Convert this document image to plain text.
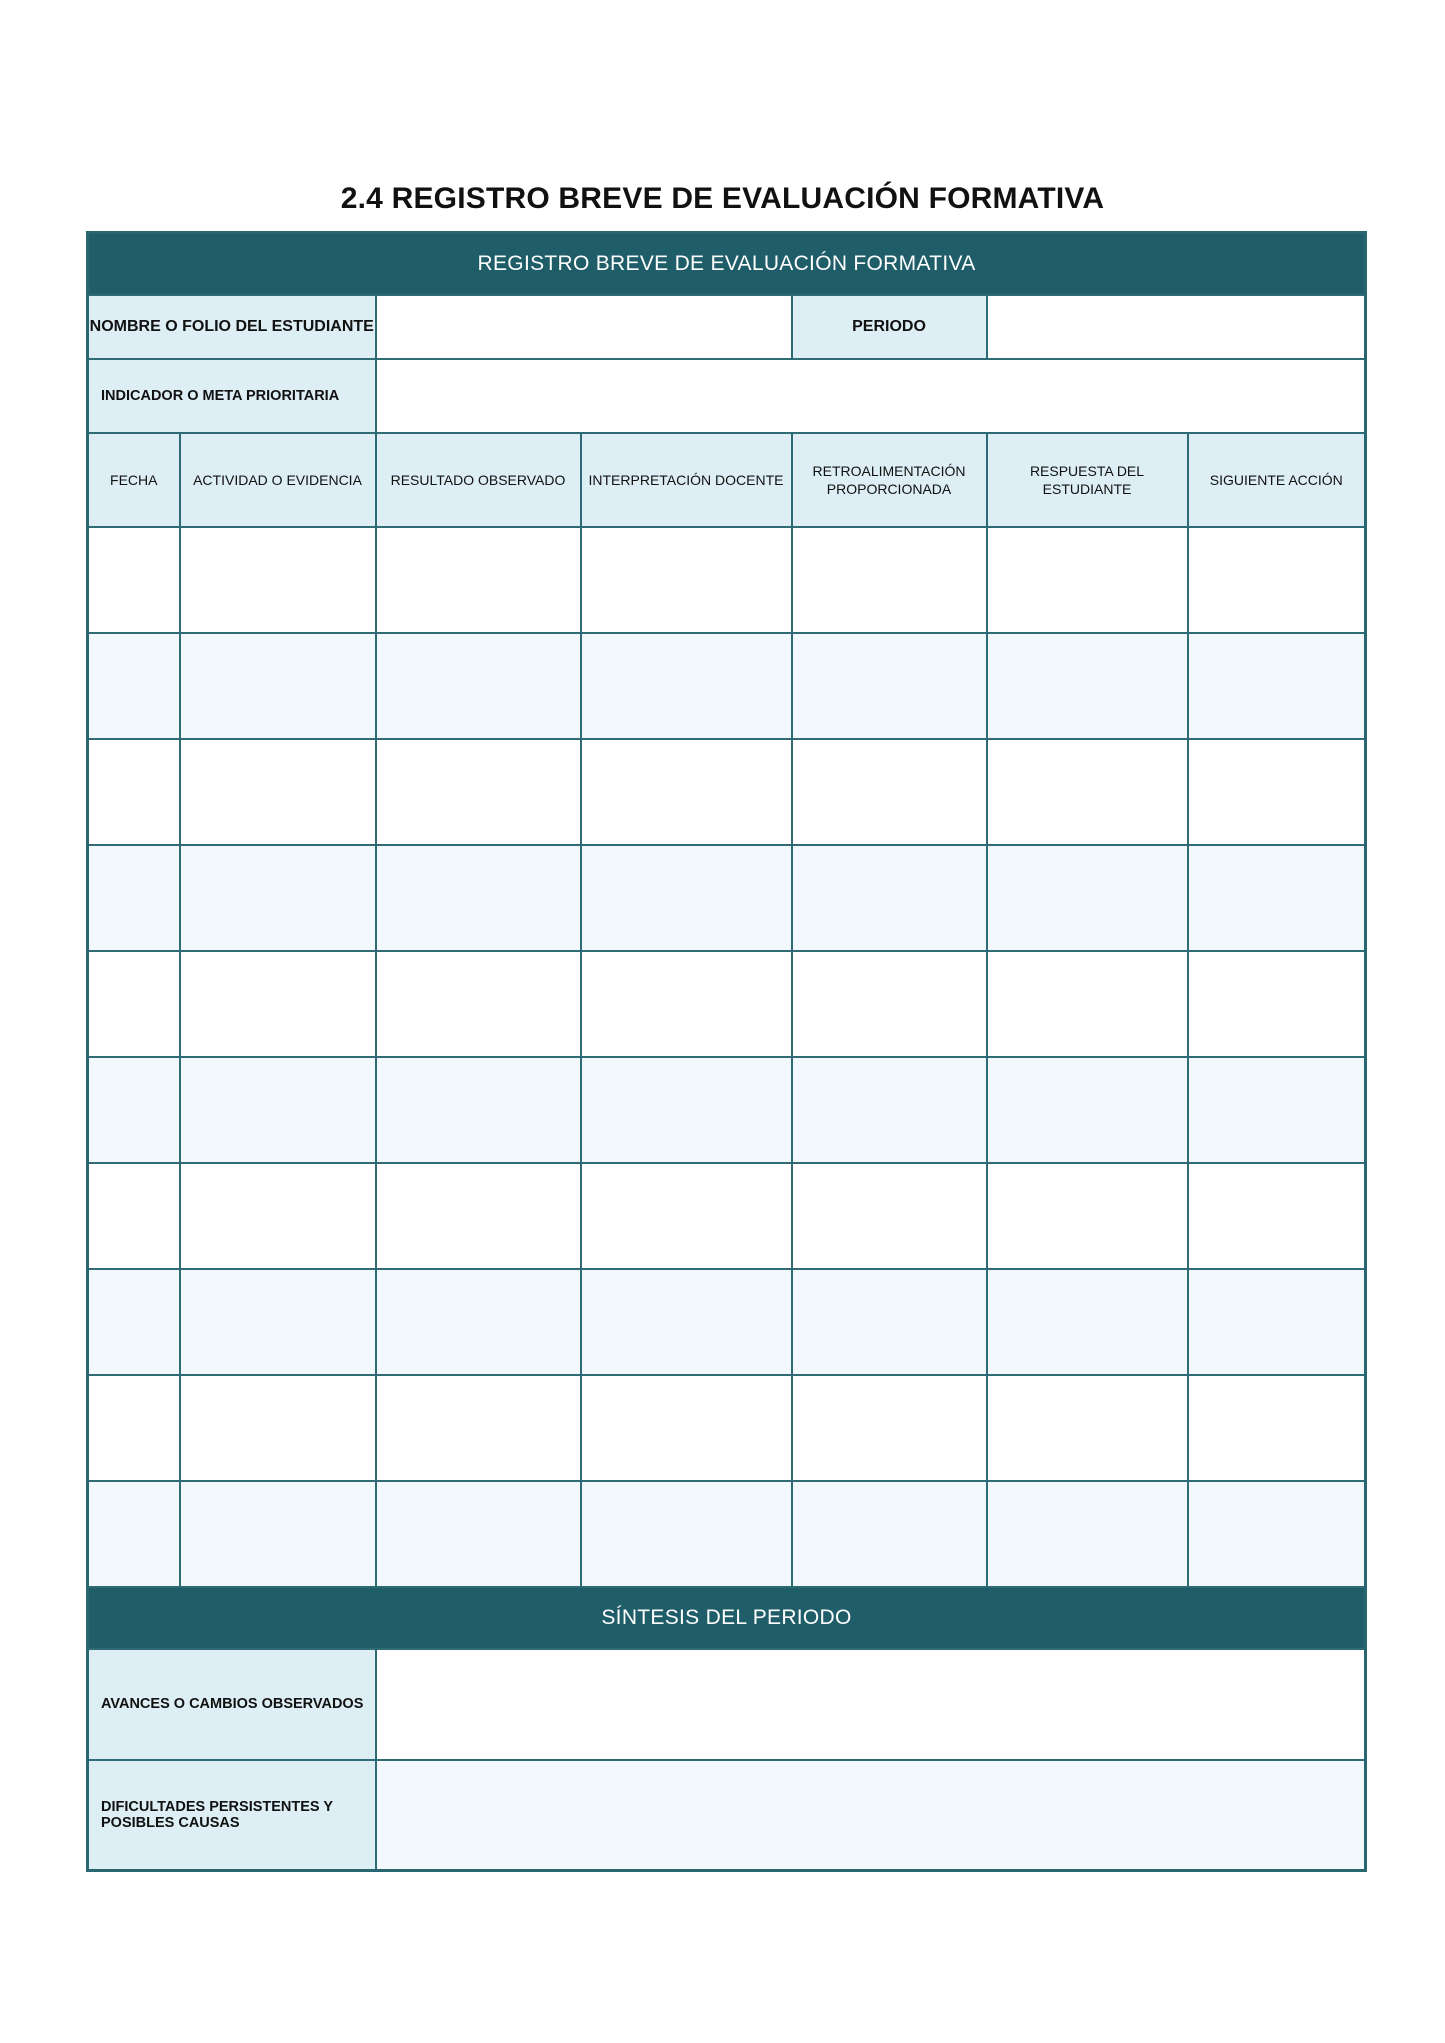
2.4 REGISTRO BREVE DE EVALUACIÓN FORMATIVA
REGISTRO BREVE DE EVALUACIÓN FORMATIVA						
NOMBRE O FOLIO DEL ESTUDIANTE				PERIODO		
INDICADOR O META PRIORITARIA						
FECHA	ACTIVIDAD O EVIDENCIA	RESULTADO OBSERVADO	INTERPRETACIÓN DOCENTE	RETROALIMENTACIÓN PROPORCIONADA	RESPUESTA DEL ESTUDIANTE	SIGUIENTE ACCIÓN

SÍNTESIS DEL PERIODO						
AVANCES O CAMBIOS OBSERVADOS						
DIFICULTADES PERSISTENTES Y POSIBLES CAUSAS						
